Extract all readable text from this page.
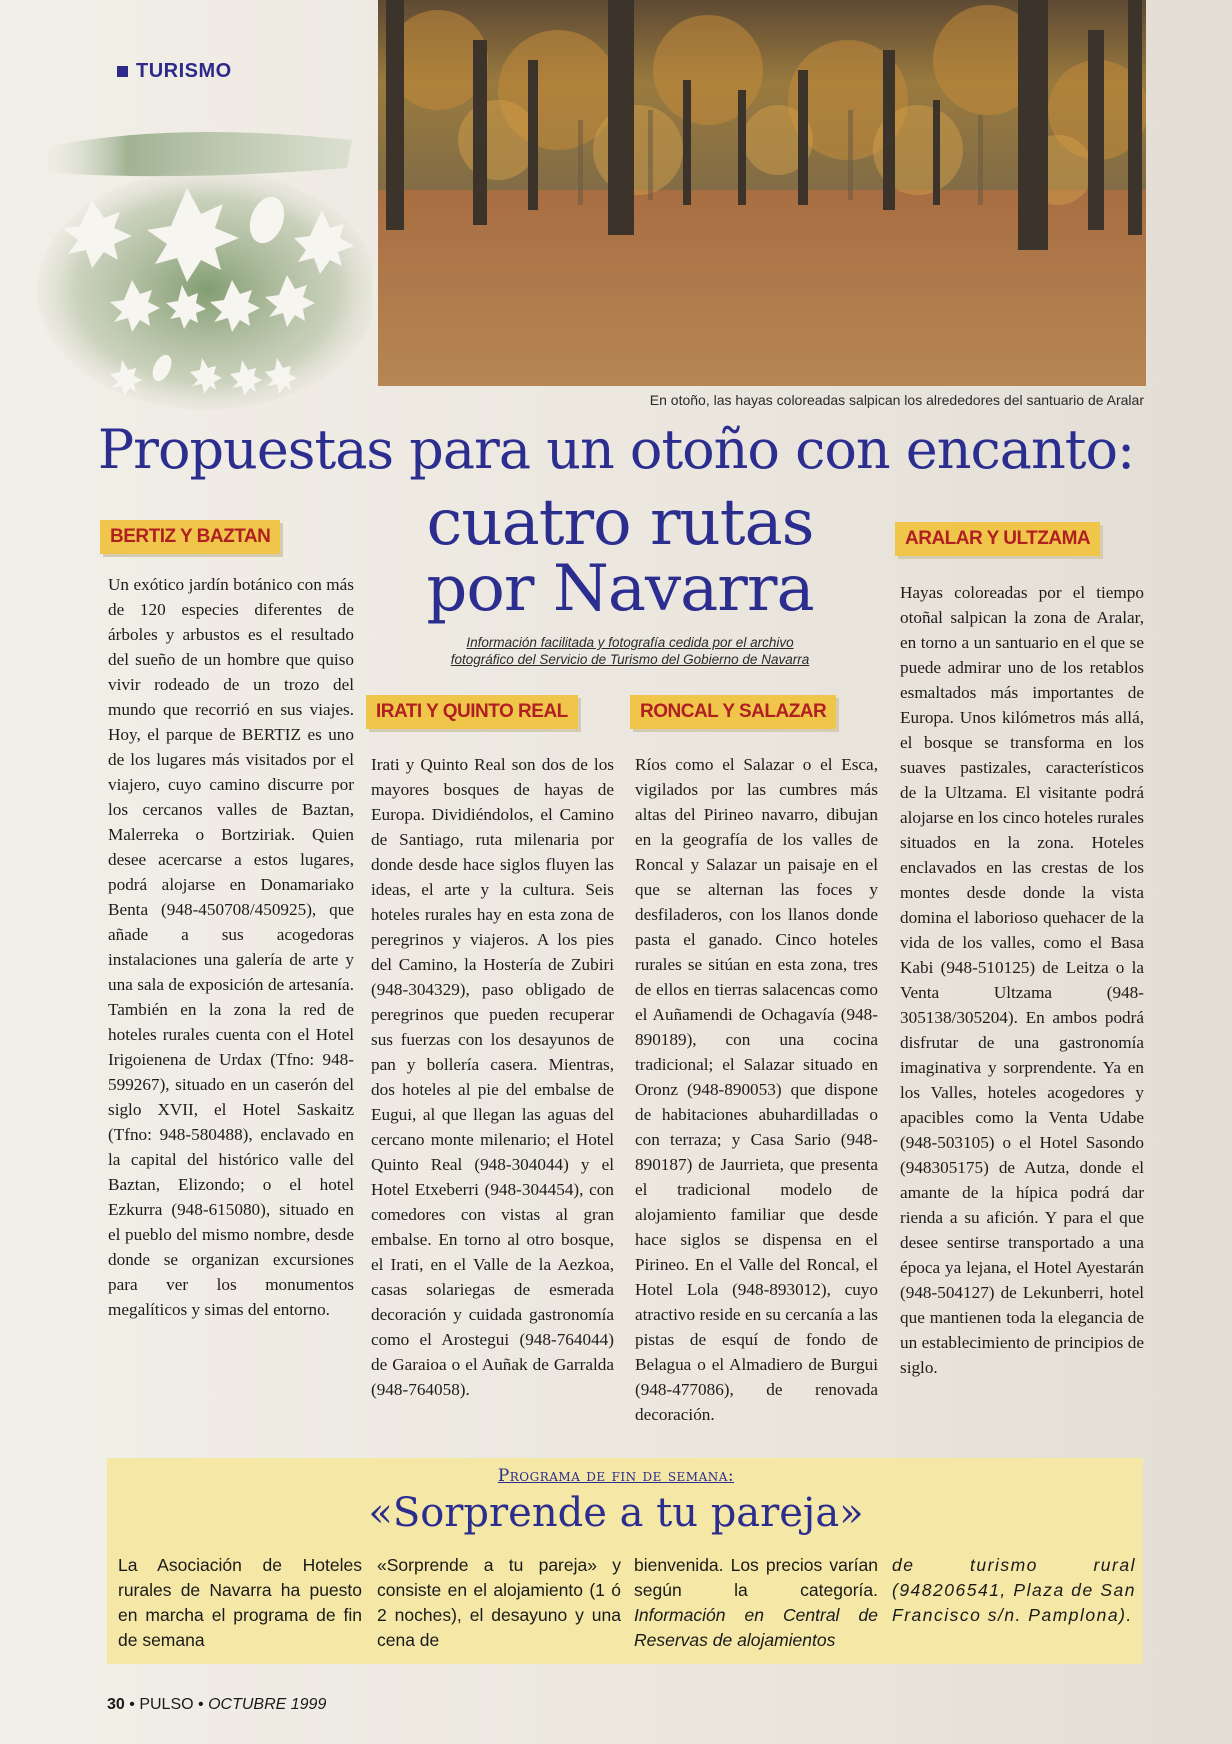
TURISMO
En otoño, las hayas coloreadas salpican los alrededores del santuario de Aralar
Propuestas para un otoño con encanto:
cuatro rutas
por Navarra
Información facilitada y fotografía cedida por el archivo
fotográfico del Servicio de Turismo del Gobierno de Navarra
BERTIZ Y BAZTAN
IRATI Y QUINTO REAL	RONCAL Y SALAZAR
ARALAR Y ULTZAMA
Un exótico jardín botánico con más de 120 especies diferentes de árboles y arbustos es el resultado del sueño de un hombre que quiso vivir rodeado de un trozo del mundo que recorrió en sus viajes. Hoy, el parque de BERTIZ es uno de los lugares más visitados por el viajero, cuyo camino discurre por los cercanos valles de Baztan, Malerreka o Bortziriak. Quien desee acercarse a estos lugares, podrá alojarse en Donamariako Benta (948-450708/450925), que añade a sus acogedoras instalaciones una galería de arte y una sala de exposición de artesanía. También en la zona la red de hoteles rurales cuenta con el Hotel Irigoienena de Urdax (Tfno: 948-599267), situado en un caserón del siglo XVII, el Hotel Saskaitz (Tfno: 948-580488), enclavado en la capital del histórico valle del Baztan, Elizondo; o el hotel Ezkurra (948-615080), situado en el pueblo del mismo nombre, desde donde se organizan excursiones para ver los monumentos megalíticos y simas del entorno.
Irati y Quinto Real son dos de los mayores bosques de hayas de Europa. Dividiéndolos, el Camino de Santiago, ruta milenaria por donde desde hace siglos fluyen las ideas, el arte y la cultura. Seis hoteles rurales hay en esta zona de peregrinos y viajeros. A los pies del Camino, la Hostería de Zubiri (948-304329), paso obligado de peregrinos que pueden recuperar sus fuerzas con los desayunos de pan y bollería casera. Mientras, dos hoteles al pie del embalse de Eugui, al que llegan las aguas del cercano monte milenario; el Hotel Quinto Real (948-304044) y el Hotel Etxeberri (948-304454), con comedores con vistas al gran embalse. En torno al otro bosque, el Irati, en el Valle de la Aezkoa, casas solariegas de esmerada decoración y cuidada gastronomía como el Arostegui (948-764044) de Garaioa o el Auñak de Garralda (948-764058).
Ríos como el Salazar o el Esca, vigilados por las cumbres más altas del Pirineo navarro, dibujan en la geografía de los valles de Roncal y Salazar un paisaje en el que se alternan las foces y desfiladeros, con los llanos donde pasta el ganado. Cinco hoteles rurales se sitúan en esta zona, tres de ellos en tierras salacencas como el Auñamendi de Ochagavía (948-890189), con una cocina tradicional; el Salazar situado en Oronz (948-890053) que dispone de habitaciones abuhardilladas o con terraza; y Casa Sario (948-890187) de Jaurrieta, que presenta el tradicional modelo de alojamiento familiar que desde hace siglos se dispensa en el Pirineo. En el Valle del Roncal, el Hotel Lola (948-893012), cuyo atractivo reside en su cercanía a las pistas de esquí de fondo de Belagua o el Almadiero de Burgui (948-477086), de renovada decoración.
Hayas coloreadas por el tiempo otoñal salpican la zona de Aralar, en torno a un santuario en el que se puede admirar uno de los retablos esmaltados más importantes de Europa. Unos kilómetros más allá, el bosque se transforma en los suaves pastizales, característicos de la Ultzama. El visitante podrá alojarse en los cinco hoteles rurales situados en la zona. Hoteles enclavados en las crestas de los montes desde donde la vista domina el laborioso quehacer de la vida de los valles, como el Basa Kabi (948-510125) de Leitza o la Venta Ultzama (948-305138/305204). En ambos podrá disfrutar de una gastronomía imaginativa y sorprendente. Ya en los Valles, hoteles acogedores y apacibles como la Venta Udabe (948-503105) o el Hotel Sasondo (948305175) de Autza, donde el amante de la hípica podrá dar rienda a su afición. Y para el que desee sentirse transportado a una época ya lejana, el Hotel Ayestarán (948-504127) de Lekunberri, hotel que mantienen toda la elegancia de un establecimiento de principios de siglo.
Programa de fin de semana:
«Sorprende a tu pareja»
La Asociación de Hoteles rurales de Navarra ha puesto en marcha el programa de fin de semana
«Sorprende a tu pareja» y consiste en el alojamiento (1 ó 2 noches), el desayuno y una cena de
bienvenida. Los precios varían según la categoría. Información en Central de Reservas de alojamientos
de turismo rural (948206541, Plaza de San Francisco s/n. Pamplona).
30 • PULSO • OCTUBRE 1999
